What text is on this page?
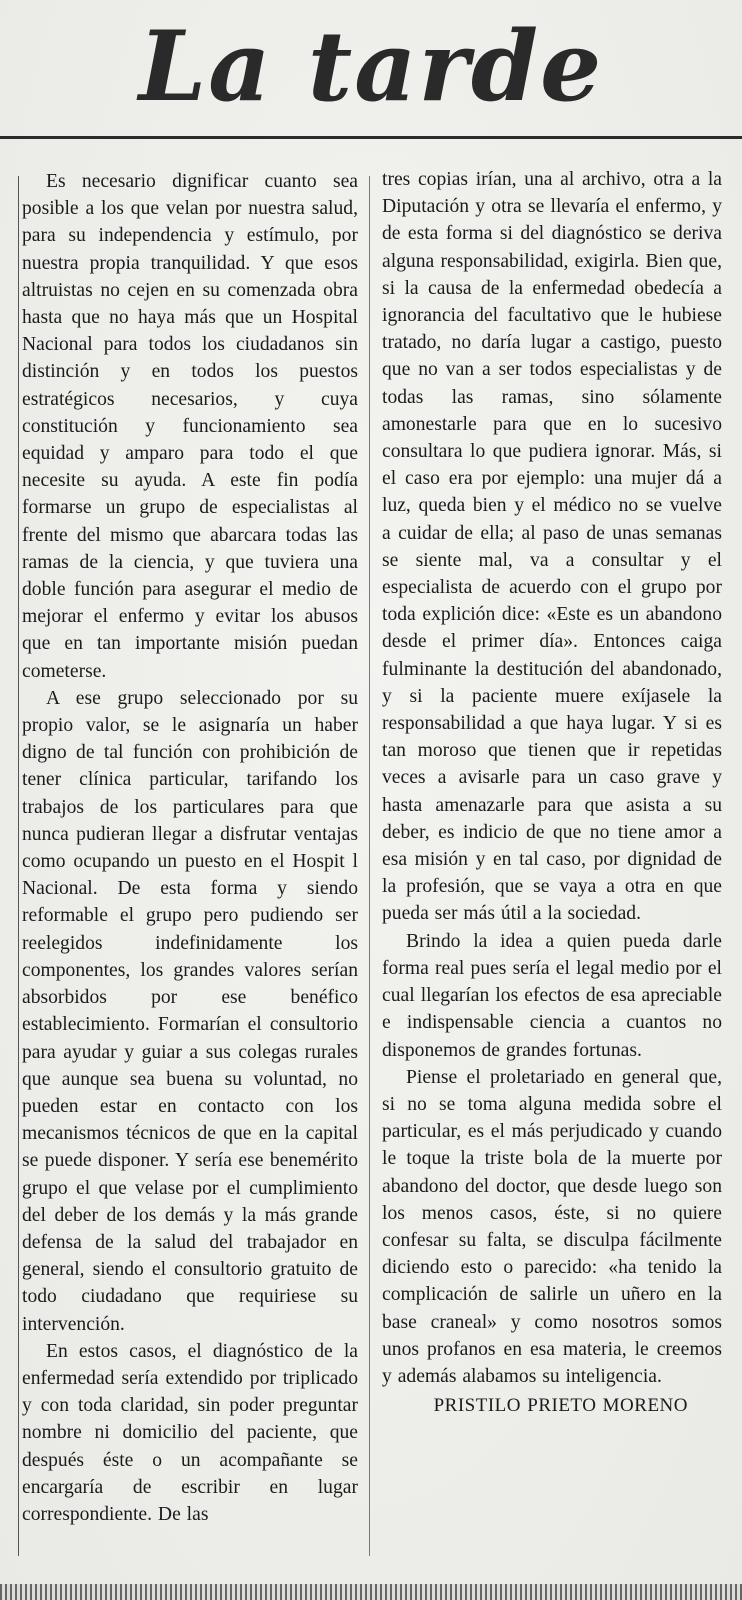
La tarde

Es necesario dignificar cuanto sea posible a los que velan por nuestra salud, para su independencia y estímulo, por nuestra propia tranquilidad. Y que esos altruistas no cejen en su comenzada obra hasta que no haya más que un Hospital Nacional para todos los ciudadanos sin distinción y en todos los puestos estratégicos necesarios, y cuya constitución y funcionamiento sea equidad y amparo para todo el que necesite su ayuda. A este fin podía formarse un grupo de especialistas al frente del mismo que abarcara todas las ramas de la ciencia, y que tuviera una doble función para asegurar el medio de mejorar el enfermo y evitar los abusos que en tan importante misión puedan cometerse.

A ese grupo seleccionado por su propio valor, se le asignaría un haber digno de tal función con prohibición de tener clínica particular, tarifando los trabajos de los particulares para que nunca pudieran llegar a disfrutar ventajas como ocupando un puesto en el Hospit l Nacional. De esta forma y siendo reformable el grupo pero pudiendo ser reelegidos indefinidamente los componentes, los grandes valores serían absorbidos por ese benéfico establecimiento. Formarían el consultorio para ayudar y guiar a sus colegas rurales que aunque sea buena su voluntad, no pueden estar en contacto con los mecanismos técnicos de que en la capital se puede disponer. Y sería ese benemérito grupo el que velase por el cumplimiento del deber de los demás y la más grande defensa de la salud del trabajador en general, siendo el consultorio gratuito de todo ciudadano que requiriese su intervención.

En estos casos, el diagnóstico de la enfermedad sería extendido por triplicado y con toda claridad, sin poder preguntar nombre ni domicilio del paciente, que después éste o un acompañante se encargaría de escribir en lugar correspondiente. De las

tres copias irían, una al archivo, otra a la Diputación y otra se llevaría el enfermo, y de esta forma si del diagnóstico se deriva alguna responsabilidad, exigirla. Bien que, si la causa de la enfermedad obedecía a ignorancia del facultativo que le hubiese tratado, no daría lugar a castigo, puesto que no van a ser todos especialistas y de todas las ramas, sino sólamente amonestarle para que en lo sucesivo consultara lo que pudiera ignorar. Más, si el caso era por ejemplo: una mujer dá a luz, queda bien y el médico no se vuelve a cuidar de ella; al paso de unas semanas se siente mal, va a consultar y el especialista de acuerdo con el grupo por toda explición dice: «Este es un abandono desde el primer día». Entonces caiga fulminante la destitución del abandonado, y si la paciente muere exíjasele la responsabilidad a que haya lugar. Y si es tan moroso que tienen que ir repetidas veces a avisarle para un caso grave y hasta amenazarle para que asista a su deber, es indicio de que no tiene amor a esa misión y en tal caso, por dignidad de la profesión, que se vaya a otra en que pueda ser más útil a la sociedad.

Brindo la idea a quien pueda darle forma real pues sería el legal medio por el cual llegarían los efectos de esa apreciable e indispensable ciencia a cuantos no disponemos de grandes fortunas.

Piense el proletariado en general que, si no se toma alguna medida sobre el particular, es el más perjudicado y cuando le toque la triste bola de la muerte por abandono del doctor, que desde luego son los menos casos, éste, si no quiere confesar su falta, se disculpa fácilmente diciendo esto o parecido: «ha tenido la complicación de salirle un uñero en la base craneal» y como nosotros somos unos profanos en esa materia, le creemos y además alabamos su inteligencia.

PRISTILO PRIETO MORENO
